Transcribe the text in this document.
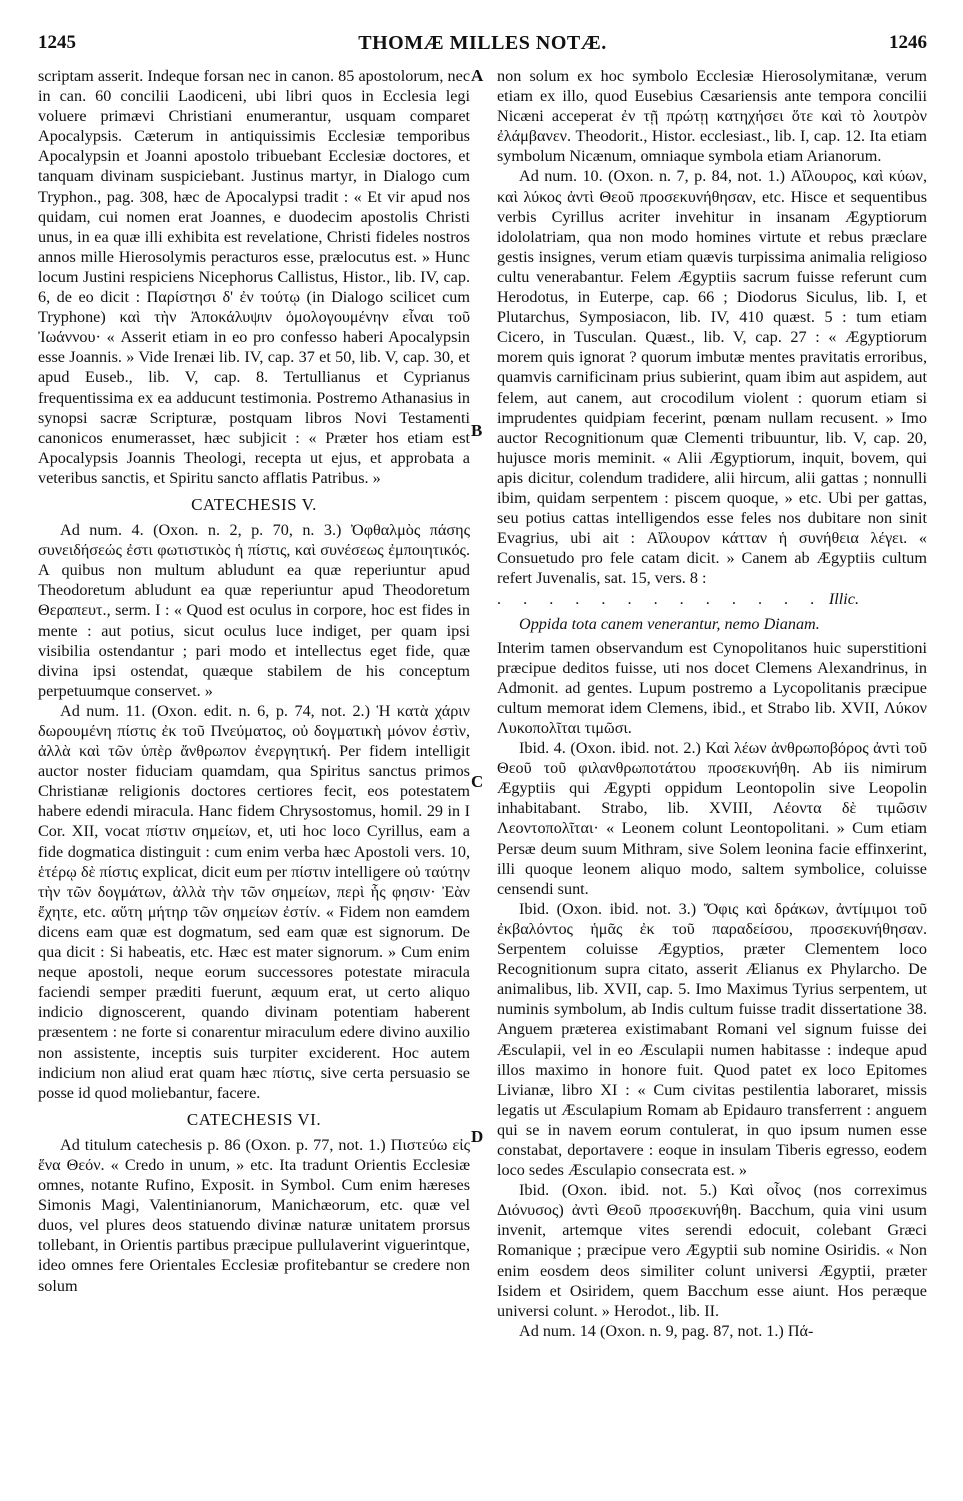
1245	THOMÆ MILLES NOTÆ.	1246

scriptam asserit. Indeque forsan nec in canon. 85 apostolorum, nec in can. 60 concilii Laodiceni, ubi libri quos in Ecclesia legi voluere primævi Christiani enumerantur, usquam comparet Apocalypsis. Cæterum in antiquissimis Ecclesiæ temporibus Apocalypsin et Joanni apostolo tribuebant Ecclesiæ doctores, et tanquam divinam suspiciebant. Justinus martyr, in Dialogo cum Tryphon., pag. 308, hæc de Apocalypsi tradit : « Et vir apud nos quidam, cui nomen erat Joannes, e duodecim apostolis Christi unus, in ea quæ illi exhibita est revelatione, Christi fideles nostros annos mille Hierosolymis peracturos esse, prælocutus est. » Hunc locum Justini respiciens Nicephorus Callistus, Histor., lib. IV, cap. 6, de eo dicit : Παρίστησι δ' ἐν τούτῳ (in Dialogo scilicet cum Tryphone) καὶ τὴν Ἀποκάλυψιν ὁμολογουμένην εἶναι τοῦ Ἰωάννου· « Asserit etiam in eo pro confesso haberi Apocalypsin esse Joannis. » Vide Irenæi lib. IV, cap. 37 et 50, lib. V, cap. 30, et apud Euseb., lib. V, cap. 8. Tertullianus et Cyprianus frequentissima ex ea adducunt testimonia. Postremo Athanasius in synopsi sacræ Scripturæ, postquam libros Novi Testamenti canonicos enumerasset, hæc subjicit : « Præter hos etiam est Apocalypsis Joannis Theologi, recepta ut ejus, et approbata a veteribus sanctis, et Spiritu sancto afflatis Patribus. »

CATECHESIS V.

Ad num. 4. (Oxon. n. 2, p. 70, n. 3.) Ὀφθαλμὸς πάσης συνειδήσεώς ἐστι φωτιστικὸς ἡ πίστις, καὶ συνέσεως ἐμποιητικός. A quibus non multum abludunt ea quæ reperiuntur apud Theodoretum abludunt ea quæ reperiuntur apud Theodoretum Θεραπευτ., serm. I : « Quod est oculus in corpore, hoc est fides in mente : aut potius, sicut oculus luce indiget, per quam ipsi visibilia ostendantur ; pari modo et intellectus eget fide, quæ divina ipsi ostendat, quæque stabilem de his conceptum perpetuumque conservet. »

Ad num. 11. (Oxon. edit. n. 6, p. 74, not. 2.) Ἡ κατὰ χάριν δωρουμένη πίστις ἐκ τοῦ Πνεύματος, οὐ δογματικὴ μόνον ἐστὶν, ἀλλὰ καὶ τῶν ὑπὲρ ἄνθρωπον ἐνεργητική. Per fidem intelligit auctor noster fiduciam quamdam, qua Spiritus sanctus primos Christianæ religionis doctores certiores fecit, eos potestatem habere edendi miracula. Hanc fidem Chrysostomus, homil. 29 in I Cor. XII, vocat πίστιν σημείων, et, uti hoc loco Cyrillus, eam a fide dogmatica distinguit : cum enim verba hæc Apostoli vers. 10, ἑτέρῳ δὲ πίστις explicat, dicit eum per πίστιν intelligere οὐ ταύτην τὴν τῶν δογμάτων, ἀλλὰ τὴν τῶν σημείων, περὶ ἧς φησιν· Ἐὰν ἔχητε, etc. αὕτη μήτηρ τῶν σημείων ἐστίν. « Fidem non eamdem dicens eam quæ est dogmatum, sed eam quæ est signorum. De qua dicit : Si habeatis, etc. Hæc est mater signorum. » Cum enim neque apostoli, neque eorum successores potestate miracula faciendi semper præditi fuerunt, æquum erat, ut certo aliquo indicio dignoscerent, quando divinam potentiam haberent præsentem : ne forte si conarentur miraculum edere divino auxilio non assistente, inceptis suis turpiter exciderent. Hoc autem indicium non aliud erat quam hæc πίστις, sive certa persuasio se posse id quod moliebantur, facere.

CATECHESIS VI.

Ad titulum catechesis p. 86 (Oxon. p. 77, not. 1.) Πιστεύω εἰς ἕνα Θεόν. « Credo in unum, » etc. Ita tradunt Orientis Ecclesiæ omnes, notante Rufino, Exposit. in Symbol. Cum enim hæreses Simonis Magi, Valentinianorum, Manichæorum, etc. quæ vel duos, vel plures deos statuendo divinæ naturæ unitatem prorsus tollebant, in Orientis partibus præcipue pullulaverint viguerintque, ideo omnes fere Orientales Ecclesiæ profitebantur se credere non solum

A
B
C
D

non solum ex hoc symbolo Ecclesiæ Hierosolymitanæ, verum etiam ex illo, quod Eusebius Cæsariensis ante tempora concilii Nicæni acceperat ἐν τῇ πρώτῃ κατηχήσει ὅτε καὶ τὸ λουτρὸν ἐλάμβανεν. Theodorit., Histor. ecclesiast., lib. I, cap. 12. Ita etiam symbolum Nicænum, omniaque symbola etiam Arianorum.

Ad num. 10. (Oxon. n. 7, p. 84, not. 1.) Αἴλουρος, καὶ κύων, καὶ λύκος ἀντὶ Θεοῦ προσεκυνήθησαν, etc. Hisce et sequentibus verbis Cyrillus acriter invehitur in insanam Ægyptiorum idololatriam, qua non modo homines virtute et rebus præclare gestis insignes, verum etiam quævis turpissima animalia religioso cultu venerabantur. Felem Ægyptiis sacrum fuisse referunt cum Herodotus, in Euterpe, cap. 66 ; Diodorus Siculus, lib. I, et Plutarchus, Symposiacon, lib. IV, 410 quæst. 5 : tum etiam Cicero, in Tusculan. Quæst., lib. V, cap. 27 : « Ægyptiorum morem quis ignorat ? quorum imbutæ mentes pravitatis erroribus, quamvis carnificinam prius subierint, quam ibim aut aspidem, aut felem, aut canem, aut crocodilum violent : quorum etiam si imprudentes quidpiam fecerint, pœnam nullam recusent. » Imo auctor Recognitionum quæ Clementi tribuuntur, lib. V, cap. 20, hujusce moris meminit. « Alii Ægyptiorum, inquit, bovem, qui apis dicitur, colendum tradidere, alii hircum, alii gattas ; nonnulli ibim, quidam serpentem : piscem quoque, » etc. Ubi per gattas, seu potius cattas intelligendos esse feles nos dubitare non sinit Evagrius, ubi ait : Αἴλουρον κάτταν ἡ συνήθεια λέγει. « Consuetudo pro fele catam dicit. » Canem ab Ægyptiis cultum refert Juvenalis, sat. 15, vers. 8 :

. . . . . . . . . . . . . Illic.

Oppida tota canem venerantur, nemo Dianam.

Interim tamen observandum est Cynopolitanos huic superstitioni præcipue deditos fuisse, uti nos docet Clemens Alexandrinus, in Admonit. ad gentes. Lupum postremo a Lycopolitanis præcipue cultum memorat idem Clemens, ibid., et Strabo lib. XVII, Λύκον Λυκοπολῖται τιμῶσι.

Ibid. 4. (Oxon. ibid. not. 2.) Καὶ λέων ἀνθρωποβόρος ἀντὶ τοῦ Θεοῦ τοῦ φιλανθρωποτάτου προσεκυνήθη. Ab iis nimirum Ægyptiis qui Ægypti oppidum Leontopolin sive Leopolin inhabitabant. Strabo, lib. XVIII, Λέοντα δὲ τιμῶσιν Λεοντοπολῖται· « Leonem colunt Leontopolitani. » Cum etiam Persæ deum suum Mithram, sive Solem leonina facie effinxerint, illi quoque leonem aliquo modo, saltem symbolice, coluisse censendi sunt.

Ibid. (Oxon. ibid. not. 3.) Ὄφις καὶ δράκων, ἀντίμιμοι τοῦ ἐκβαλόντος ἡμᾶς ἐκ τοῦ παραδείσου, προσεκυνήθησαν. Serpentem coluisse Ægyptios, præter Clementem loco Recognitionum supra citato, asserit Ælianus ex Phylarcho. De animalibus, lib. XVII, cap. 5. Imo Maximus Tyrius serpentem, ut numinis symbolum, ab Indis cultum fuisse tradit dissertatione 38. Anguem præterea existimabant Romani vel signum fuisse dei Æsculapii, vel in eo Æsculapii numen habitasse : indeque apud illos maximo in honore fuit. Quod patet ex loco Epitomes Livianæ, libro XI : « Cum civitas pestilentia laboraret, missis legatis ut Æsculapium Romam ab Epidauro transferrent : anguem qui se in navem eorum contulerat, in quo ipsum numen esse constabat, deportavere : eoque in insulam Tiberis egresso, eodem loco sedes Æsculapio consecrata est. »

Ibid. (Oxon. ibid. not. 5.) Καὶ οἶνος (nos correximus Διόνυσος) ἀντὶ Θεοῦ προσεκυνήθη. Bacchum, quia vini usum invenit, artemque vites serendi edocuit, colebant Græci Romanique ; præcipue vero Ægyptii sub nomine Osiridis. « Non enim eosdem deos similiter colunt universi Ægyptii, præter Isidem et Osiridem, quem Bacchum esse aiunt. Hos peræque universi colunt. » Herodot., lib. II.

Ad num. 14 (Oxon. n. 9, pag. 87, not. 1.) Πά-
